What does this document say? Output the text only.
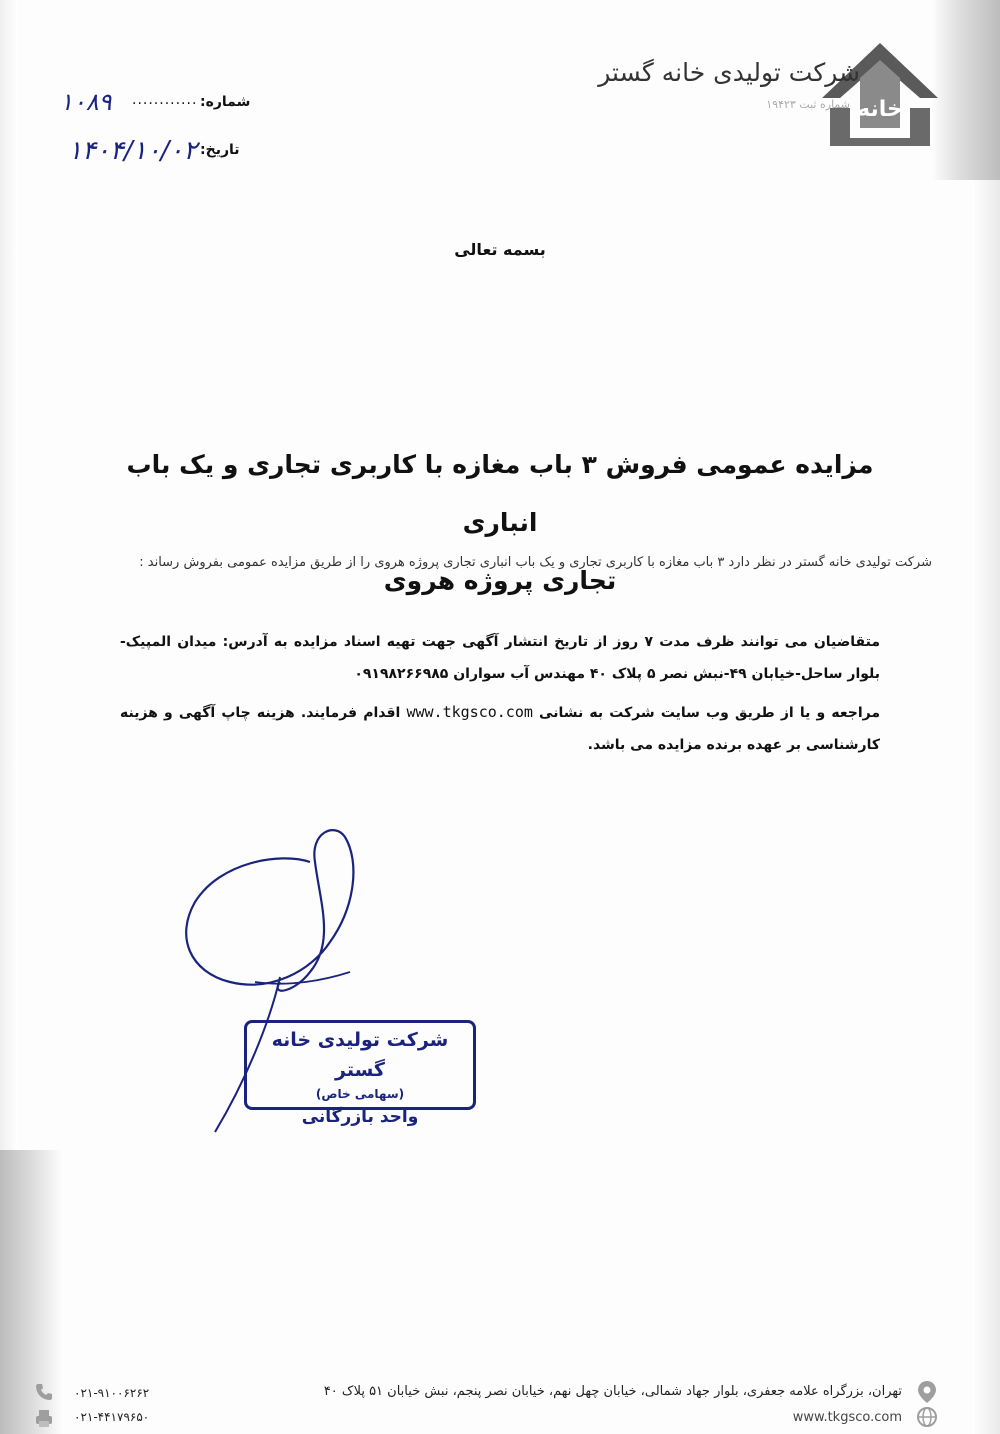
خانه
شرکت تولیدی خانه گستر
شماره ثبت ۱۹۴۲۳
۱۰۸۹ ............ شماره:
۱۴۰۴/۱۰/۰۲ تاریخ:
بسمه تعالی
مزایده عمومی فروش ۳ باب مغازه با کاربری تجاری و یک باب انباری
تجاری پروژه هروی
شرکت تولیدی خانه گستر در نظر دارد ۳ باب مغازه با کاربری تجاری و یک باب انباری تجاری پروژه هروی را از طریق مزایده عمومی بفروش رساند :

متقاضیان می توانند ظرف مدت ۷ روز از تاریخ انتشار آگهی جهت تهیه اسناد مزایده به آدرس: میدان المپیک- بلوار ساحل-خیابان ۴۹-نبش نصر ۵ پلاک ۴۰ مهندس آب سواران ۰۹۱۹۸۲۶۶۹۸۵

مراجعه و یا از طریق وب سایت شرکت به نشانی www.tkgsco.com اقدام فرمایند. هزینه چاپ آگهی و هزینه کارشناسی بر عهده برنده مزایده می باشد.

شرکت تولیدی خانه گستر
(سهامی خاص)
واحد بازرگانی
تهران، بزرگراه علامه جعفری، بلوار جهاد شمالی، خیابان چهل نهم، خیابان نصر پنجم، نبش خیابان ۵۱ پلاک ۴۰
www.tkgsco.com
۰۲۱-۹۱۰۰۶۲۶۲
۰۲۱-۴۴۱۷۹۶۵۰
